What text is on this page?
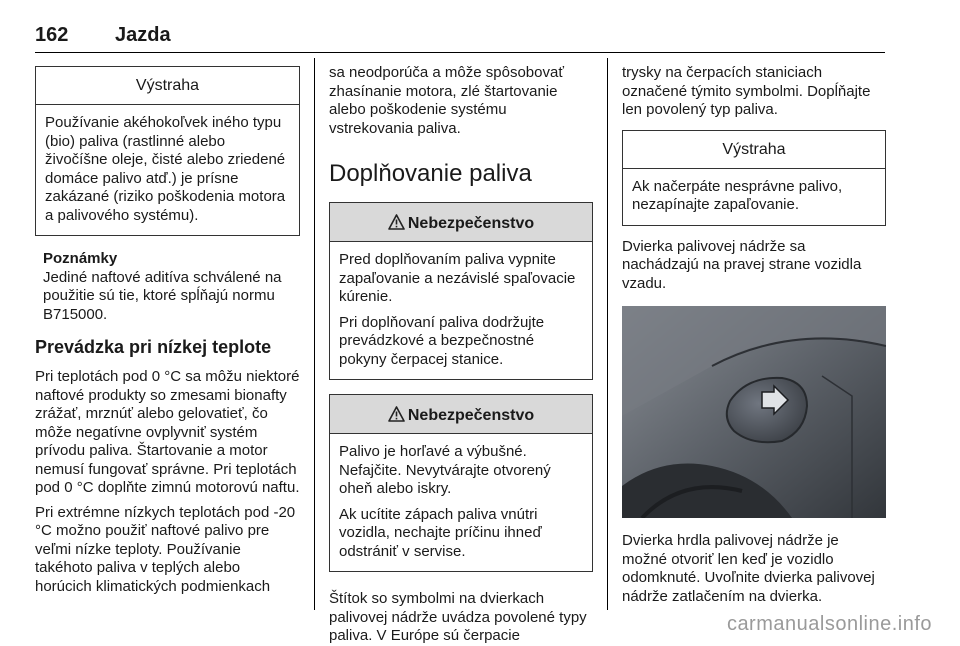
162 Jazda
Výstraha

Používanie akéhokoľvek iného typu (bio) paliva (rastlinné alebo živočíšne oleje, čisté alebo zriedené domáce palivo atď.) je prísne zakázané (riziko poškodenia motora a palivového systému).

Poznámky

Jediné naftové aditíva schválené na použitie sú tie, ktoré spĺňajú normu B715000.

Prevádzka pri nízkej teplote

Pri teplotách pod 0 °C sa môžu niektoré naftové produkty so zmesami bionafty zrážať, mrznúť alebo gelovatieť, čo môže negatívne ovplyvniť systém prívodu paliva. Štartovanie a motor nemusí fungovať správne. Pri teplotách pod 0 °C doplňte zimnú motorovú naftu.

Pri extrémne nízkych teplotách pod -20 °C možno použiť naftové palivo pre veľmi nízke teploty. Používanie takéhoto paliva v teplých alebo horúcich klimatických podmienkach

sa neodporúča a môže spôsobovať zhasínanie motora, zlé štartovanie alebo poškodenie systému vstrekovania paliva.

Doplňovanie paliva
Nebezpečenstvo

Pred doplňovaním paliva vypnite zapaľovanie a nezávislé spaľovacie kúrenie.

Pri doplňovaní paliva dodržujte prevádzkové a bezpečnostné pokyny čerpacej stanice.

Nebezpečenstvo

Palivo je horľavé a výbušné. Nefajčite. Nevytvárajte otvorený oheň alebo iskry.

Ak ucítite zápach paliva vnútri vozidla, nechajte príčinu ihneď odstrániť v servise.

Štítok so symbolmi na dvierkach palivovej nádrže uvádza povolené typy paliva. V Európe sú čerpacie

trysky na čerpacích staniciach označené týmito symbolmi. Dopĺňajte len povolený typ paliva.

Výstraha

Ak načerpáte nesprávne palivo, nezapínajte zapaľovanie.

Dvierka palivovej nádrže sa nachádzajú na pravej strane vozidla vzadu.

Dvierka hrdla palivovej nádrže je možné otvoriť len keď je vozidlo odomknuté. Uvoľnite dvierka palivovej nádrže zatlačením na dvierka.

carmanualsonline.info
